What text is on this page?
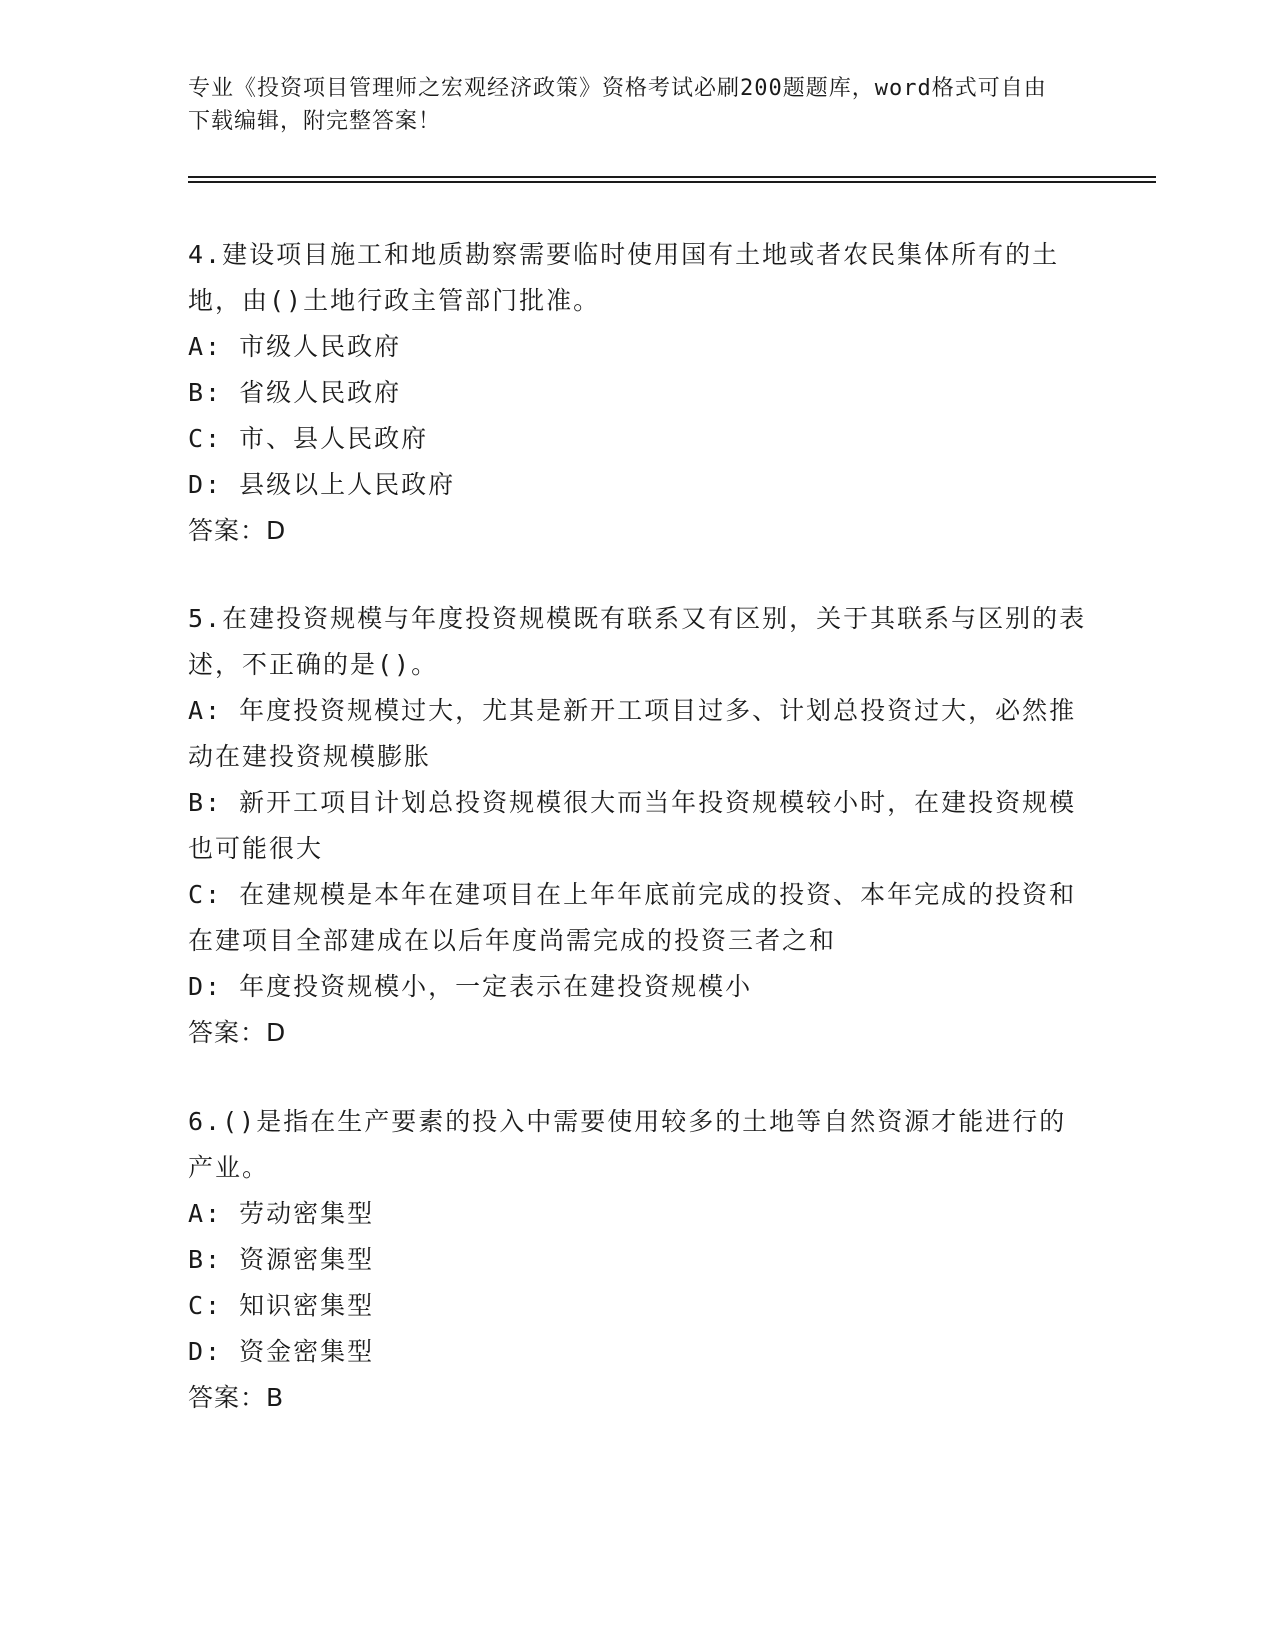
专业《投资项目管理师之宏观经济政策》资格考试必刷200题题库，word格式可自由下载编辑，附完整答案！

4.建设项目施工和地质勘察需要临时使用国有土地或者农民集体所有的土地，由()土地行政主管部门批准。

A: 市级人民政府

B: 省级人民政府

C: 市、县人民政府

D: 县级以上人民政府

答案：D

5.在建投资规模与年度投资规模既有联系又有区别，关于其联系与区别的表述，不正确的是()。

A: 年度投资规模过大，尤其是新开工项目过多、计划总投资过大，必然推动在建投资规模膨胀

B: 新开工项目计划总投资规模很大而当年投资规模较小时，在建投资规模也可能很大

C: 在建规模是本年在建项目在上年年底前完成的投资、本年完成的投资和在建项目全部建成在以后年度尚需完成的投资三者之和

D: 年度投资规模小，一定表示在建投资规模小

答案：D

6.()是指在生产要素的投入中需要使用较多的土地等自然资源才能进行的产业。

A: 劳动密集型

B: 资源密集型

C: 知识密集型

D: 资金密集型

答案：B
